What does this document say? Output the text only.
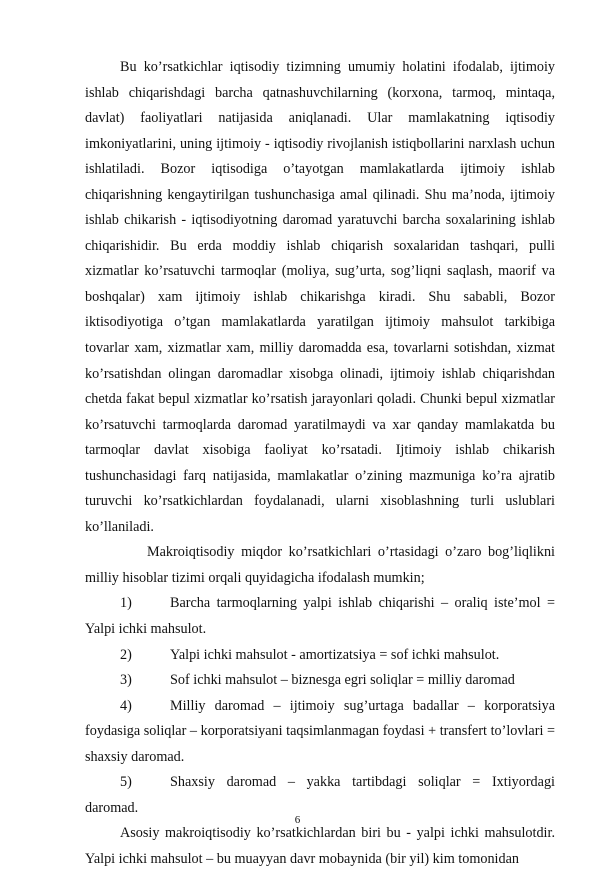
Bu ko’rsatkichlar iqtisodiy tizimning umumiy holatini ifodalab, ijtimoiy ishlab chiqarishdagi barcha qatnashuvchilarning (korxona, tarmoq, mintaqa, davlat) faoliyatlari natijasida aniqlanadi. Ular mamlakatning iqtisodiy imkoniyatlarini, uning ijtimoiy - iqtisodiy rivojlanish istiqbollarini narxlash uchun ishlatiladi. Bozor iqtisodiga o’tayotgan mamlakatlarda ijtimoiy ishlab chiqarishning kengaytirilgan tushunchasiga amal qilinadi. Shu ma’noda, ijtimoiy ishlab chikarish - iqtisodiyotning daromad yaratuvchi barcha soxalarining ishlab chiqarishidir. Bu erda moddiy ishlab chiqarish soxalaridan tashqari, pulli xizmatlar ko’rsatuvchi tarmoqlar (moliya, sug’urta, sog’liqni saqlash, maorif va boshqalar) xam ijtimoiy ishlab chikarishga kiradi. Shu sababli, Bozor iktisodiyotiga o’tgan mamlakatlarda yaratilgan ijtimoiy mahsulot tarkibiga tovarlar xam, xizmatlar xam, milliy daromadda esa, tovarlarni sotishdan, xizmat ko’rsatishdan olingan daromadlar xisobga olinadi, ijtimoiy ishlab chiqarishdan chetda fakat bepul xizmatlar ko’rsatish jarayonlari qoladi. Chunki bepul xizmatlar ko’rsatuvchi tarmoqlarda daromad yaratilmaydi va xar qanday mamlakatda bu tarmoqlar davlat xisobiga faoliyat ko’rsatadi. Ijtimoiy ishlab chikarish tushunchasidagi farq natijasida, mamlakatlar o’zining mazmuniga ko’ra ajratib turuvchi ko’rsatkichlardan foydalanadi, ularni xisoblashning turli uslublari ko’llaniladi.

Makroiqtisodiy miqdor ko’rsatkichlari o’rtasidagi o’zaro bog’liqlikni milliy hisoblar tizimi orqali quyidagicha ifodalash mumkin;

1)	Barcha tarmoqlarning yalpi ishlab chiqarishi – oraliq iste’mol = Yalpi ichki mahsulot.
2)	Yalpi ichki mahsulot - amortizatsiya = sof ichki mahsulot.
3)	Sof ichki mahsulot – biznesga egri soliqlar = milliy daromad
4)	Milliy daromad – ijtimoiy sug’urtaga badallar – korporatsiya foydasiga soliqlar – korporatsiyani taqsimlanmagan foydasi + transfert to’lovlari = shaxsiy daromad.
5)	Shaxsiy daromad – yakka tartibdagi soliqlar = Ixtiyordagi daromad.

Asosiy makroiqtisodiy ko’rsatkichlardan biri bu - yalpi ichki mahsulotdir. Yalpi ichki mahsulot – bu muayyan davr mobaynida (bir yil) kim tomonidan

6
